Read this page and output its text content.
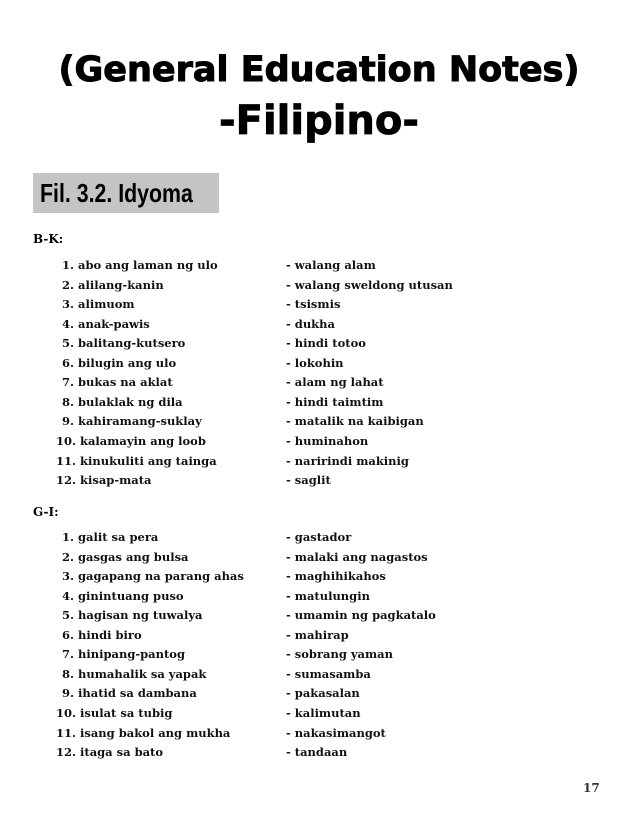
(General Education Notes)
-Filipino-
Fil. 3.2. Idyoma
B-K:
G-I:
1. abo ang laman ng ulo	- walang alam
2. alilang-kanin	- walang sweldong utusan
3. alimuom	- tsismis
4. anak-pawis	- dukha
5. balitang-kutsero	- hindi totoo
6. bilugin ang ulo	- lokohin
7. bukas na aklat	- alam ng lahat
8. bulaklak ng dila	- hindi taimtim
9. kahiramang-suklay	- matalik na kaibigan
10. kalamayin ang loob	- huminahon
11. kinukuliti ang tainga	- naririndi makinig
12. kisap-mata	- saglit
1. galit sa pera	- gastador
2. gasgas ang bulsa	- malaki ang nagastos
3. gagapang na parang ahas	- maghihikahos
4. ginintuang puso	- matulungin
5. hagisan ng tuwalya	- umamin ng pagkatalo
6. hindi biro	- mahirap
7. hinipang-pantog	- sobrang yaman
8. humahalik sa yapak	- sumasamba
9. ihatid sa dambana	- pakasalan
10. isulat sa tubig	- kalimutan
11. isang bakol ang mukha	- nakasimangot
12. itaga sa bato	- tandaan
17
